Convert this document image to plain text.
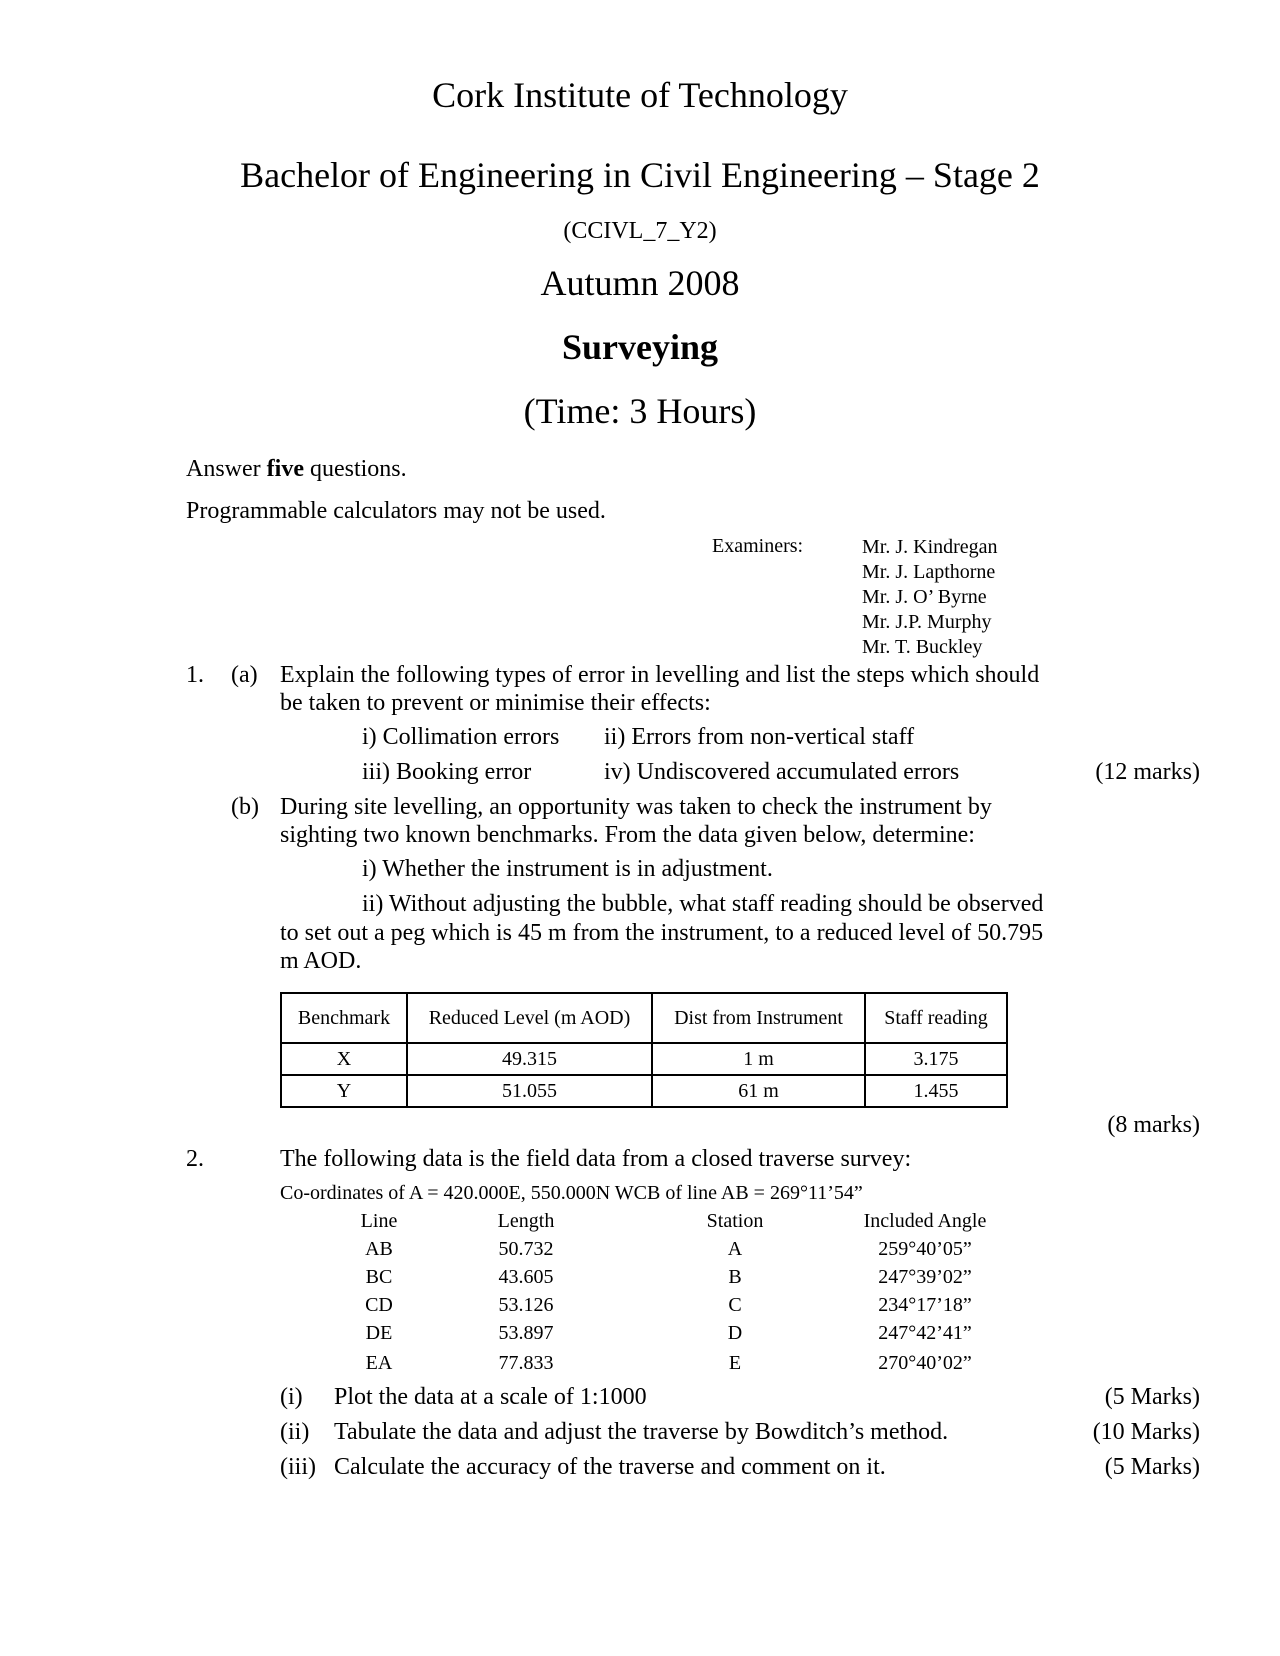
Cork Institute of Technology
Bachelor of Engineering in Civil Engineering – Stage 2
(CCIVL_7_Y2)
Autumn 2008
Surveying
(Time: 3 Hours)
Answer five questions.
Programmable calculators may not be used.
Examiners:	Mr. J. Kindregan
Mr. J. Lapthorne
Mr. J. O’ Byrne
Mr. J.P. Murphy
Mr. T. Buckley
1. (a) Explain the following types of error in levelling and list the steps which should
be taken to prevent or minimise their effects:
i) Collimation errors ii) Errors from non-vertical staff
iii) Booking error	iv) Undiscovered accumulated errors	(12 marks)
(b) During site levelling, an opportunity was taken to check the instrument by
sighting two known benchmarks. From the data given below, determine:
i) Whether the instrument is in adjustment.
ii) Without adjusting the bubble, what staff reading should be observed
to set out a peg which is 45 m from the instrument, to a reduced level of 50.795
m AOD.
Benchmark	Reduced Level (m AOD)	Dist from Instrument	Staff reading
X	49.315	1 m	3.175
Y	51.055	61 m	1.455
(8 marks)
2.	The following data is the field data from a closed traverse survey:
Co-ordinates of A = 420.000E, 550.000N WCB of line AB = 269°11’54”
Line	Length	Station	Included Angle
AB	50.732	A	259°40’05”
BC	43.605	B	247°39’02”
CD	53.126	C	234°17’18”
DE	53.897	D	247°42’41”
EA	77.833	E	270°40’02”
(i) Plot the data at a scale of 1:1000	(5 Marks)
(ii) Tabulate the data and adjust the traverse by Bowditch’s method.	(10 Marks)
(iii) Calculate the accuracy of the traverse and comment on it.	(5 Marks)
